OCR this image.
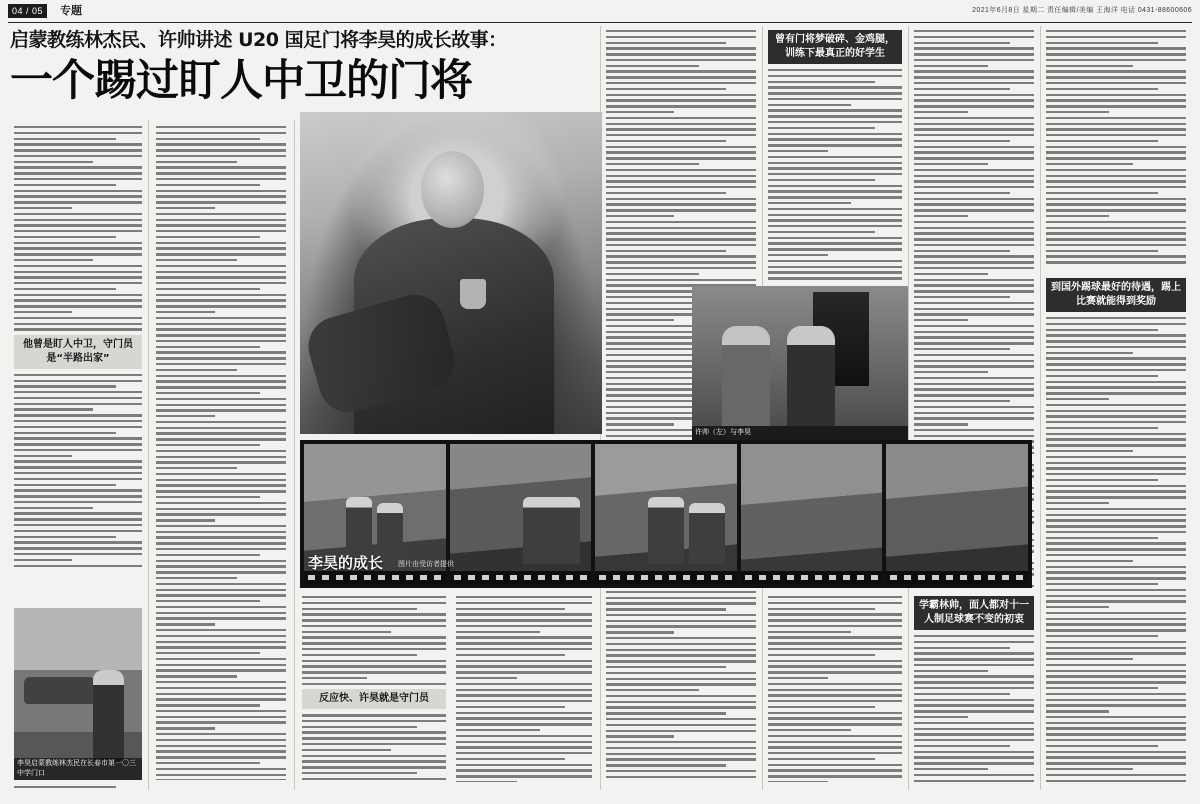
04 / 05	专题	2021年6月8日 星期二 责任编辑/美编 王海洋 电话 0431-88600606
启蒙教练林杰民、许帅讲述 U20 国足门将李昊的成长故事：
一个踢过盯人中卫的门将
他曾是盯人中卫，守门员是“半路出家”
李昊启蒙教练林杰民在长春市第一〇三中学门口
反应快、许昊就是守门员
曾有门将梦破碎、金鸡腿，训练下最真正的好学生
学霸林帅，面人都对十一人制足球赛不变的初衷
到国外踢球最好的待遇，踢上比赛就能得到奖励
李昊的成长 图片由受访者提供
许帅（左）与李昊
